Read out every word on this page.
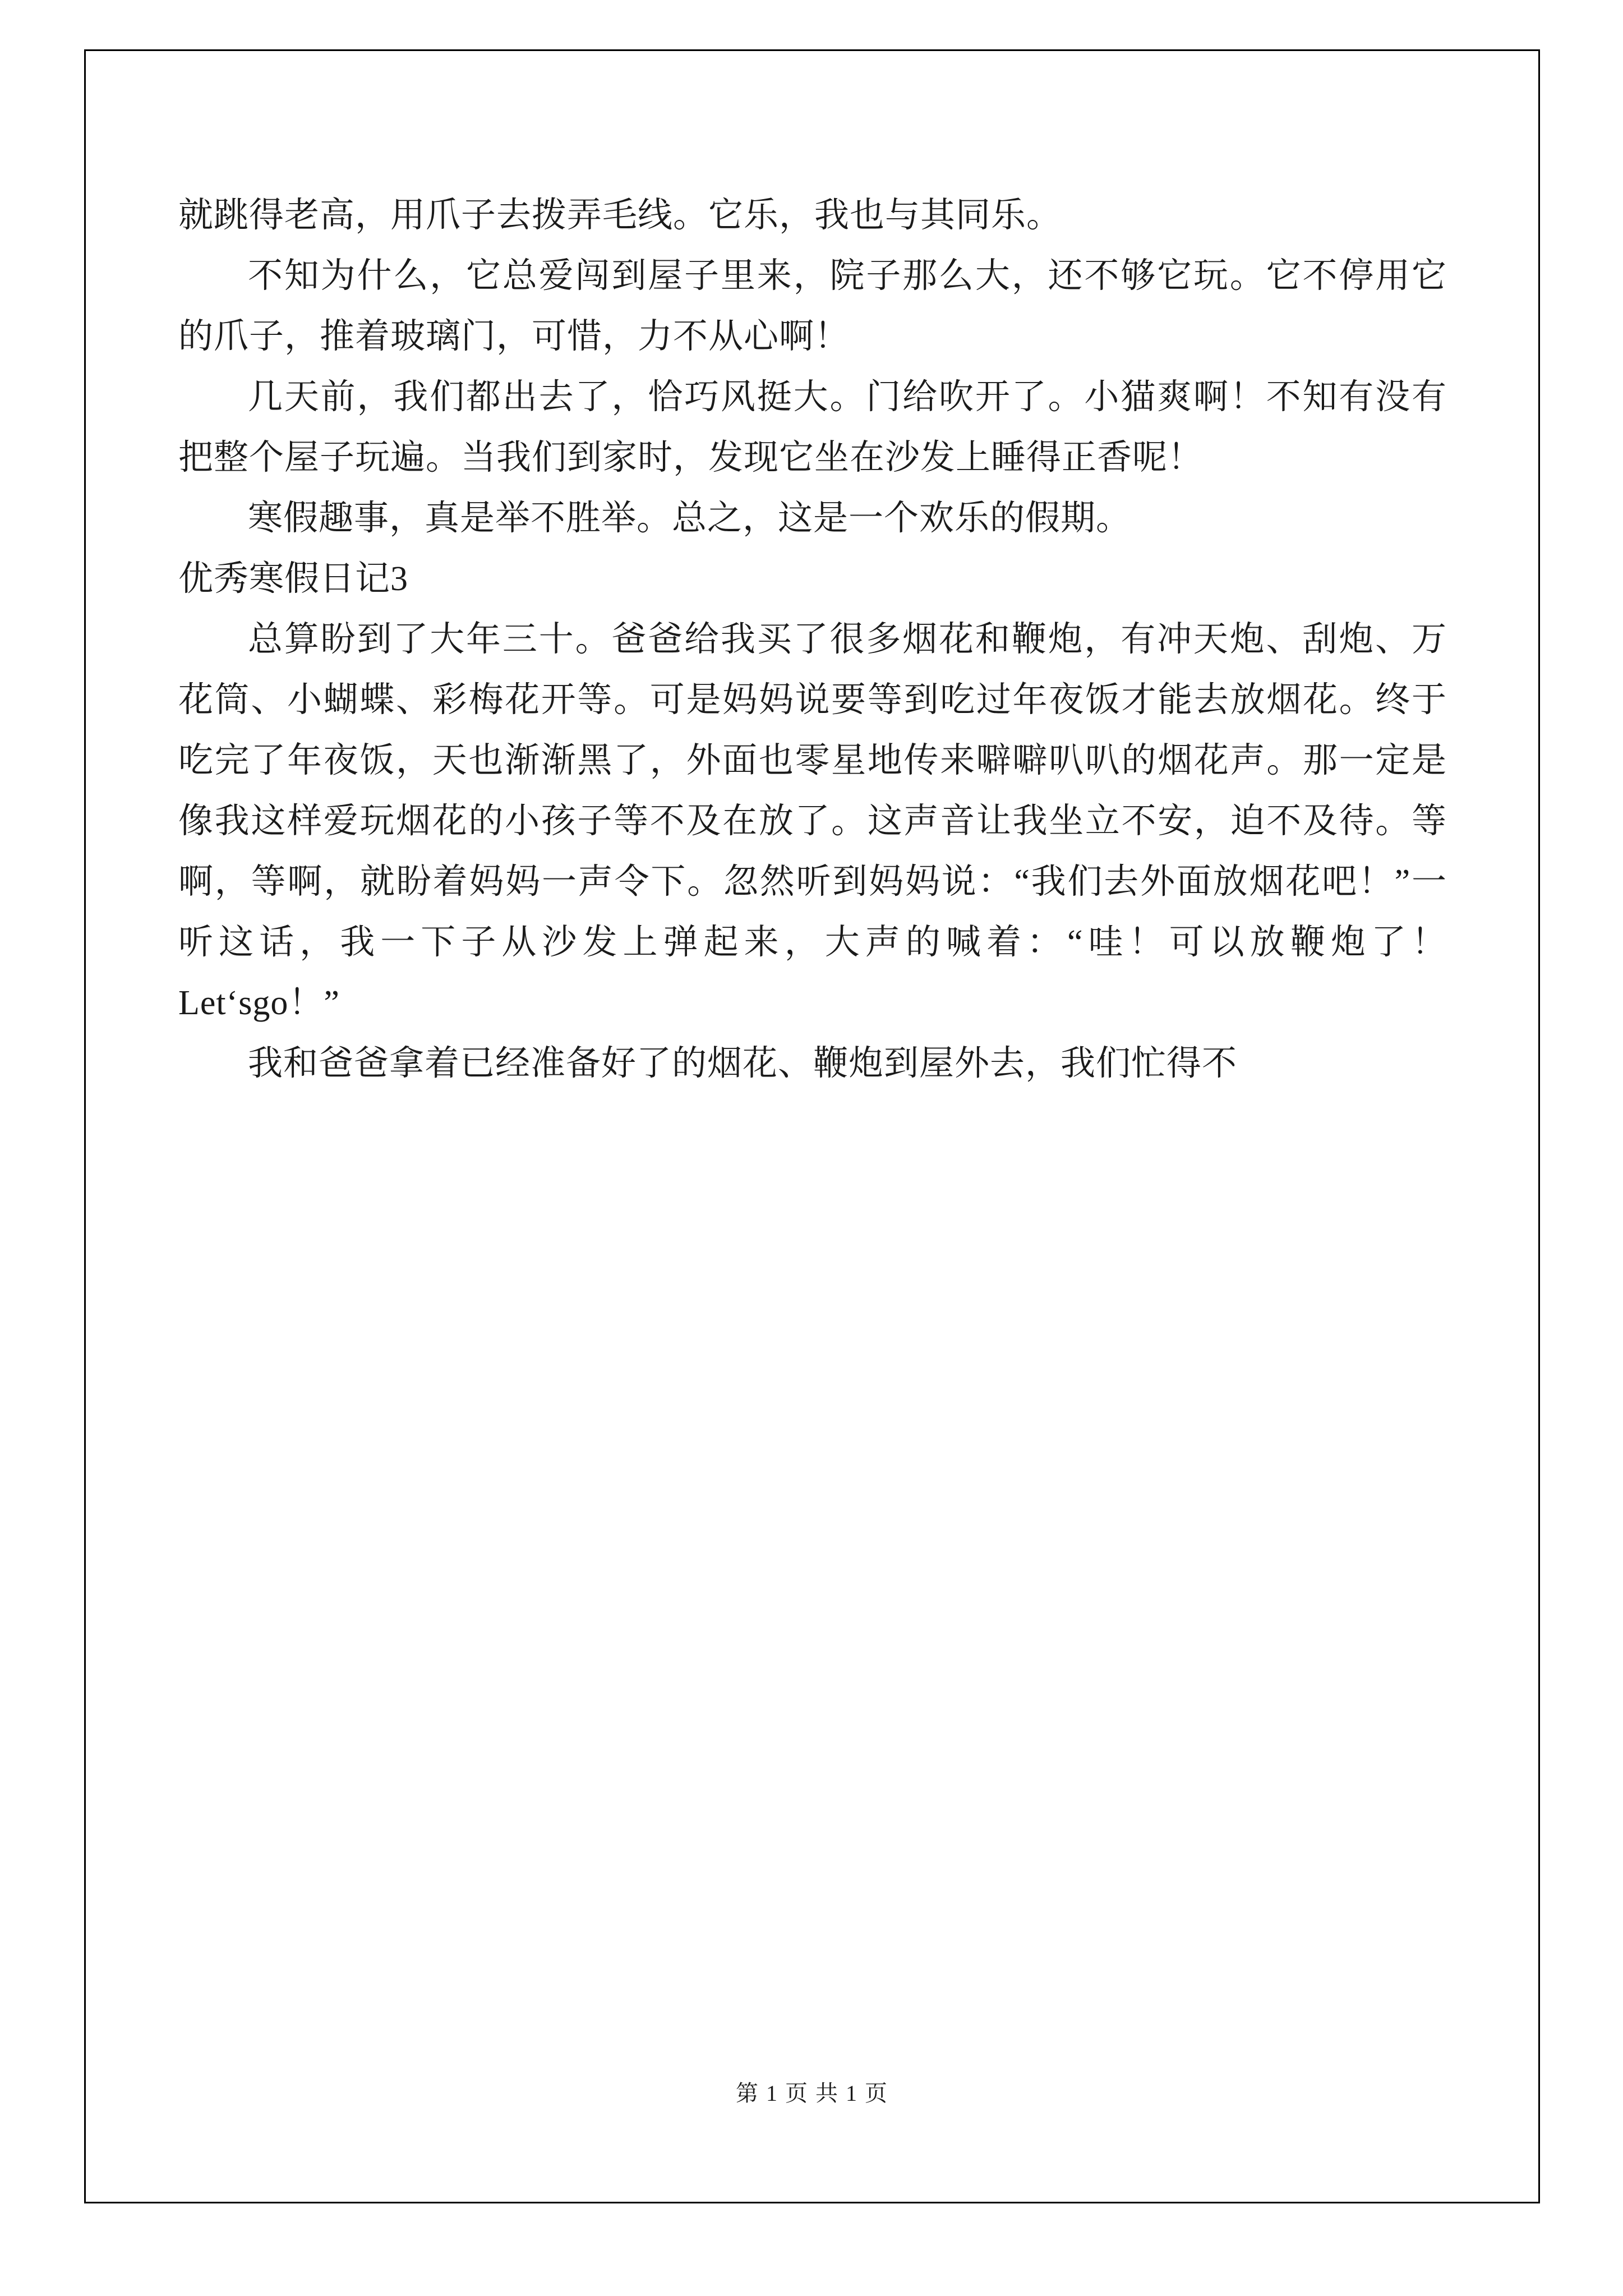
就跳得老高，用爪子去拨弄毛线。它乐，我也与其同乐。

不知为什么，它总爱闯到屋子里来，院子那么大，还不够它玩。它不停用它的爪子，推着玻璃门，可惜，力不从心啊！

几天前，我们都出去了，恰巧风挺大。门给吹开了。小猫爽啊！不知有没有把整个屋子玩遍。当我们到家时，发现它坐在沙发上睡得正香呢！

寒假趣事，真是举不胜举。总之，这是一个欢乐的假期。

优秀寒假日记3

总算盼到了大年三十。爸爸给我买了很多烟花和鞭炮，有冲天炮、刮炮、万花筒、小蝴蝶、彩梅花开等。可是妈妈说要等到吃过年夜饭才能去放烟花。终于吃完了年夜饭，天也渐渐黑了，外面也零星地传来噼噼叭叭的烟花声。那一定是像我这样爱玩烟花的小孩子等不及在放了。这声音让我坐立不安，迫不及待。等啊，等啊，就盼着妈妈一声令下。忽然听到妈妈说：“我们去外面放烟花吧！”一听这话，我一下子从沙发上弹起来，大声的喊着：“哇！可以放鞭炮了！Let‘sgo！”

我和爸爸拿着已经准备好了的烟花、鞭炮到屋外去，我们忙得不

第 1 页 共 1 页
